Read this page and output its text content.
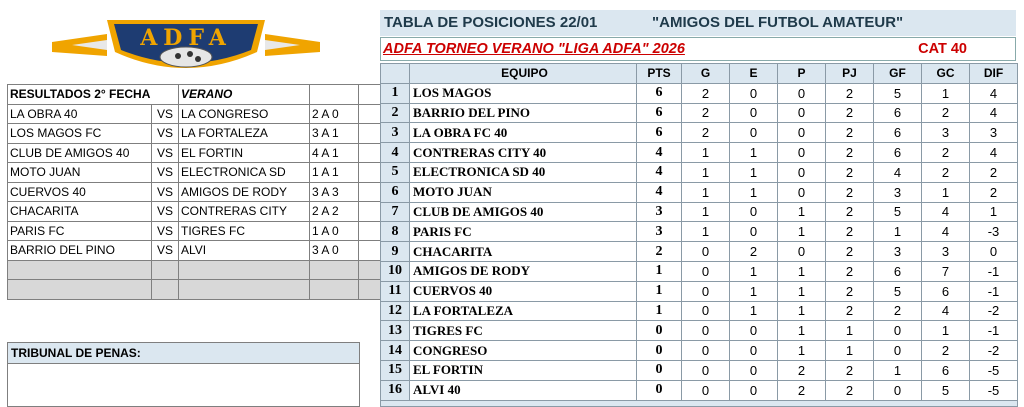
ADFA
RESULTADOS 2° FECHA		VERANO		
LA OBRA 40	VS	LA CONGRESO	2 A 0	
LOS MAGOS FC	VS	LA FORTALEZA	3 A 1	
CLUB DE AMIGOS 40	VS	EL FORTIN	4 A 1	
MOTO JUAN	VS	ELECTRONICA SD	1 A 1	
CUERVOS 40	VS	AMIGOS DE RODY	3 A 3	
CHACARITA	VS	CONTRERAS CITY	2 A 2	
PARIS FC	VS	TIGRES FC	1 A 0	
BARRIO DEL PINO	VS	ALVI	3 A 0	

TRIBUNAL DE PENAS:
TABLA DE POSICIONES 22/01	"AMIGOS DEL FUTBOL AMATEUR"
ADFA TORNEO VERANO "LIGA ADFA" 2026	CAT 40
	EQUIPO	PTS	G	E	P	PJ	GF	GC	DIF
1	LOS MAGOS	6	2	0	0	2	5	1	4
2	BARRIO DEL PINO	6	2	0	0	2	6	2	4
3	LA OBRA FC 40	6	2	0	0	2	6	3	3
4	CONTRERAS CITY 40	4	1	1	0	2	6	2	4
5	ELECTRONICA SD 40	4	1	1	0	2	4	2	2
6	MOTO JUAN	4	1	1	0	2	3	1	2
7	CLUB DE AMIGOS 40	3	1	0	1	2	5	4	1
8	PARIS FC	3	1	0	1	2	1	4	-3
9	CHACARITA	2	0	2	0	2	3	3	0
10	AMIGOS DE RODY	1	0	1	1	2	6	7	-1
11	CUERVOS 40	1	0	1	1	2	5	6	-1
12	LA FORTALEZA	1	0	1	1	2	2	4	-2
13	TIGRES FC	0	0	0	1	1	0	1	-1
14	CONGRESO	0	0	0	1	1	0	2	-2
15	EL FORTIN	0	0	0	2	2	1	6	-5
16	ALVI 40	0	0	0	2	2	0	5	-5
